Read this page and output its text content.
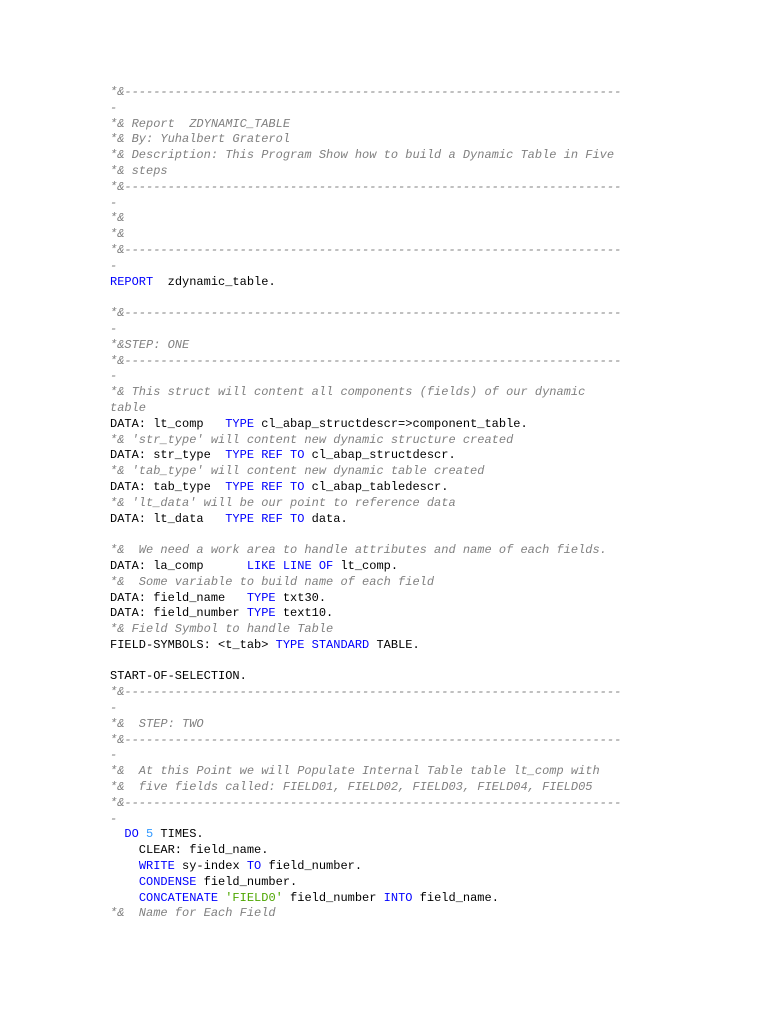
*&---------------------------------------------------------------------
-
*& Report  ZDYNAMIC_TABLE
*& By: Yuhalbert Graterol
*& Description: This Program Show how to build a Dynamic Table in Five
*& steps
*&---------------------------------------------------------------------
-
*&
*&
*&---------------------------------------------------------------------
-
REPORT  zdynamic_table.
*&---------------------------------------------------------------------
-
*&STEP: ONE
*&---------------------------------------------------------------------
-
*& This struct will content all components (fields) of our dynamic
table
DATA: lt_comp   TYPE cl_abap_structdescr=>component_table.
*& 'str_type' will content new dynamic structure created
DATA: str_type  TYPE REF TO cl_abap_structdescr.
*& 'tab_type' will content new dynamic table created
DATA: tab_type  TYPE REF TO cl_abap_tabledescr.
*& 'lt_data' will be our point to reference data
DATA: lt_data   TYPE REF TO data.
*&  We need a work area to handle attributes and name of each fields.
DATA: la_comp      LIKE LINE OF lt_comp.
*&  Some variable to build name of each field
DATA: field_name   TYPE txt30.
DATA: field_number TYPE text10.
*& Field Symbol to handle Table
FIELD-SYMBOLS: <t_tab> TYPE STANDARD TABLE.
START-OF-SELECTION.
*&---------------------------------------------------------------------
-
*&  STEP: TWO
*&---------------------------------------------------------------------
-
*&  At this Point we will Populate Internal Table table lt_comp with
*&  five fields called: FIELD01, FIELD02, FIELD03, FIELD04, FIELD05
*&---------------------------------------------------------------------
-
DO 5 TIMES.
CLEAR: field_name.
WRITE sy-index TO field_number.
CONDENSE field_number.
CONCATENATE 'FIELD0' field_number INTO field_name.
*&  Name for Each Field
